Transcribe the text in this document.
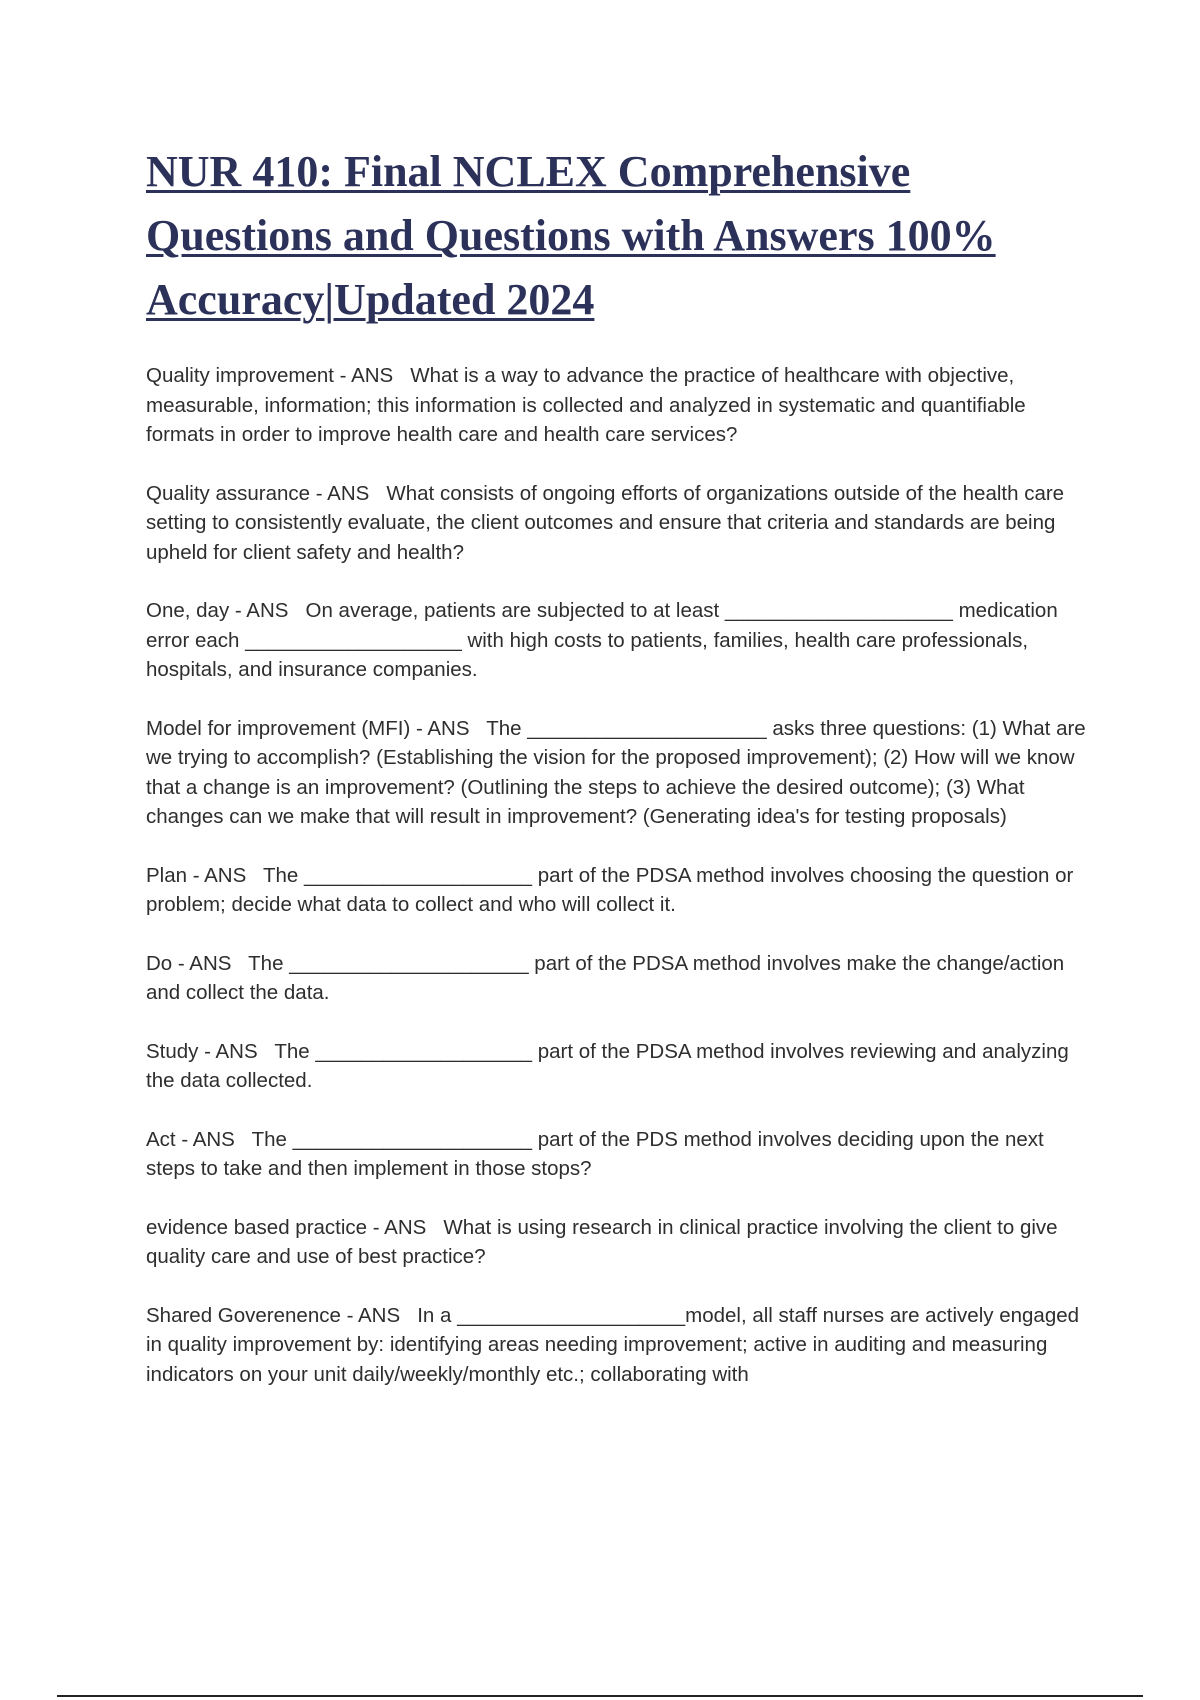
NUR 410: Final NCLEX Comprehensive Questions and Questions with Answers 100% Accuracy|Updated 2024

Quality improvement - ANS   What is a way to advance the practice of healthcare with objective, measurable, information; this information is collected and analyzed in systematic and quantifiable formats in order to improve health care and health care services?

Quality assurance - ANS   What consists of ongoing efforts of organizations outside of the health care setting to consistently evaluate, the client outcomes and ensure that criteria and standards are being upheld for client safety and health?

One, day - ANS   On average, patients are subjected to at least ____________________ medication error each ___________________ with high costs to patients, families, health care professionals, hospitals, and insurance companies.

Model for improvement (MFI) - ANS   The _____________________ asks three questions: (1) What are we trying to accomplish? (Establishing the vision for the proposed improvement); (2) How will we know that a change is an improvement? (Outlining the steps to achieve the desired outcome); (3) What changes can we make that will result in improvement? (Generating idea's for testing proposals)

Plan - ANS   The ____________________ part of the PDSA method involves choosing the question or problem; decide what data to collect and who will collect it.

Do - ANS   The _____________________ part of the PDSA method involves make the change/action and collect the data.

Study - ANS   The ___________________ part of the PDSA method involves reviewing and analyzing the data collected.

Act - ANS   The _____________________ part of the PDS method involves deciding upon the next steps to take and then implement in those stops?

evidence based practice - ANS   What is using research in clinical practice involving the client to give quality care and use of best practice?

Shared Goverenence - ANS   In a ____________________model, all staff nurses are actively engaged in quality improvement by: identifying areas needing improvement; active in auditing and measuring indicators on your unit daily/weekly/monthly etc.; collaborating with
